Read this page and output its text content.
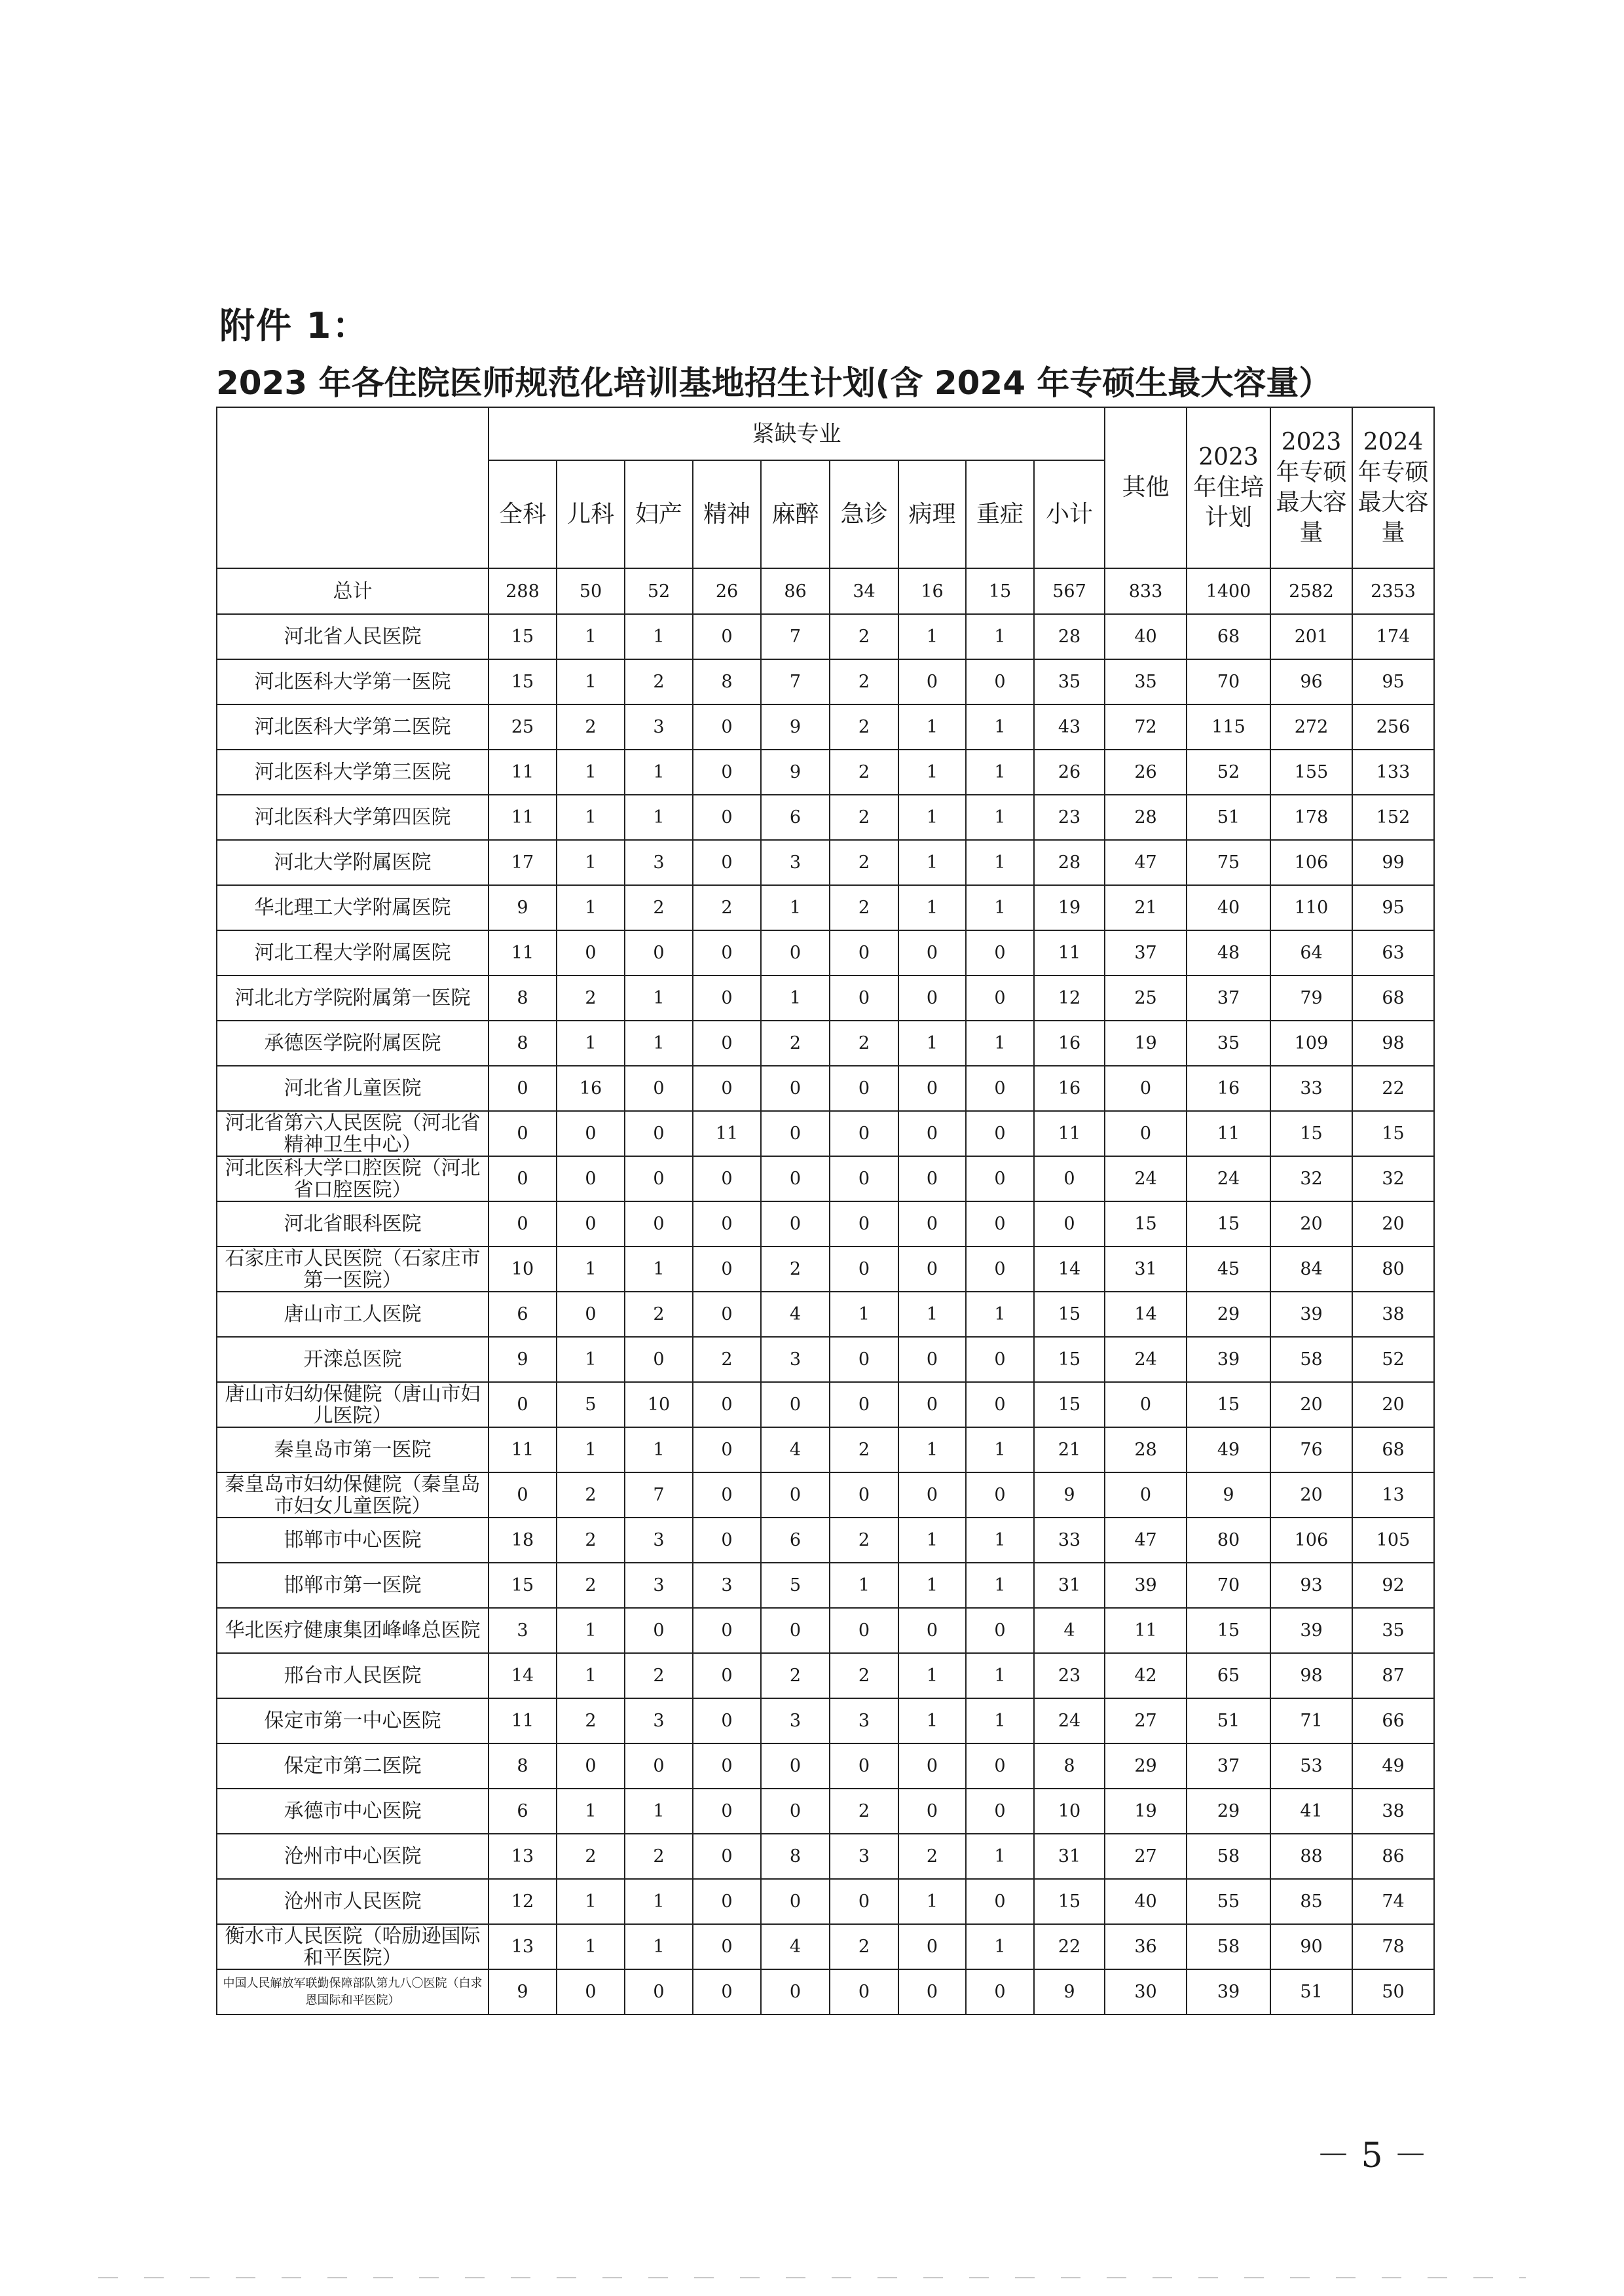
附件 1：
2023 年各住院医师规范化培训基地招生计划(含 2024 年专硕生最大容量）
	紧缺专业									其他	2023 年住培计划	2023 年专硕最大容量	2024 年专硕最大容量
	全科	儿科	妇产	精神	麻醉	急诊	病理	重症	小计				
总计	288	50	52	26	86	34	16	15	567	833	1400	2582	2353
河北省人民医院	15	1	1	0	7	2	1	1	28	40	68	201	174
河北医科大学第一医院	15	1	2	8	7	2	0	0	35	35	70	96	95
河北医科大学第二医院	25	2	3	0	9	2	1	1	43	72	115	272	256
河北医科大学第三医院	11	1	1	0	9	2	1	1	26	26	52	155	133
河北医科大学第四医院	11	1	1	0	6	2	1	1	23	28	51	178	152
河北大学附属医院	17	1	3	0	3	2	1	1	28	47	75	106	99
华北理工大学附属医院	9	1	2	2	1	2	1	1	19	21	40	110	95
河北工程大学附属医院	11	0	0	0	0	0	0	0	11	37	48	64	63
河北北方学院附属第一医院	8	2	1	0	1	0	0	0	12	25	37	79	68
承德医学院附属医院	8	1	1	0	2	2	1	1	16	19	35	109	98
河北省儿童医院	0	16	0	0	0	0	0	0	16	0	16	33	22
河北省第六人民医院（河北省精神卫生中心）	0	0	0	11	0	0	0	0	11	0	11	15	15
河北医科大学口腔医院（河北省口腔医院）	0	0	0	0	0	0	0	0	0	24	24	32	32
河北省眼科医院	0	0	0	0	0	0	0	0	0	15	15	20	20
石家庄市人民医院（石家庄市第一医院）	10	1	1	0	2	0	0	0	14	31	45	84	80
唐山市工人医院	6	0	2	0	4	1	1	1	15	14	29	39	38
开滦总医院	9	1	0	2	3	0	0	0	15	24	39	58	52
唐山市妇幼保健院（唐山市妇儿医院）	0	5	10	0	0	0	0	0	15	0	15	20	20
秦皇岛市第一医院	11	1	1	0	4	2	1	1	21	28	49	76	68
秦皇岛市妇幼保健院（秦皇岛市妇女儿童医院）	0	2	7	0	0	0	0	0	9	0	9	20	13
邯郸市中心医院	18	2	3	0	6	2	1	1	33	47	80	106	105
邯郸市第一医院	15	2	3	3	5	1	1	1	31	39	70	93	92
华北医疗健康集团峰峰总医院	3	1	0	0	0	0	0	0	4	11	15	39	35
邢台市人民医院	14	1	2	0	2	2	1	1	23	42	65	98	87
保定市第一中心医院	11	2	3	0	3	3	1	1	24	27	51	71	66
保定市第二医院	8	0	0	0	0	0	0	0	8	29	37	53	49
承德市中心医院	6	1	1	0	0	2	0	0	10	19	29	41	38
沧州市中心医院	13	2	2	0	8	3	2	1	31	27	58	88	86
沧州市人民医院	12	1	1	0	0	0	1	0	15	40	55	85	74
衡水市人民医院（哈励逊国际和平医院）	13	1	1	0	4	2	0	1	22	36	58	90	78
中国人民解放军联勤保障部队第九八〇医院（白求恩国际和平医院）	9	0	0	0	0	0	0	0	9	30	39	51	50
－ 5 －
